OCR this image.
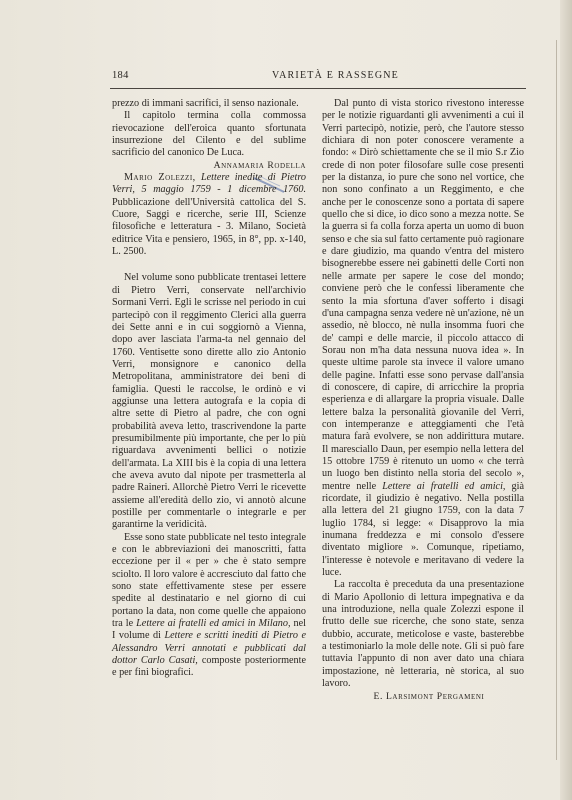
184	VARIETÀ E RASSEGNE

prezzo di immani sacrifici, il senso nazionale.

Il capitolo termina colla commossa rievocazione dell'eroica quanto sfortunata insurrezione del Cilento e del sublime sacrificio del canonico De Luca.

Annamaria Rodella

Mario Zolezzi, Lettere inedite di Pietro Verri, 5 maggio 1759 - 1 dicembre 1760. Pubblicazione dell'Università cattolica del S. Cuore, Saggi e ricerche, serie III, Scienze filosofiche e letteratura - 3. Milano, Società editrice Vita e pensiero, 1965, in 8°, pp. x-140, L. 2500.

Nel volume sono pubblicate trentasei lettere di Pietro Verri, conservate nell'archivio Sormani Verri. Egli le scrisse nel periodo in cui partecipò con il reggimento Clerici alla guerra dei Sette anni e in cui soggiornò a Vienna, dopo aver lasciata l'arma-ta nel gennaio del 1760. Ventisette sono dirette allo zio Antonio Verri, monsignore e canonico della Metropolitana, amministratore dei beni di famiglia. Questi le raccolse, le ordinò e vi aggiunse una lettera autografa e la copia di altre sette di Pietro al padre, che con ogni probabilità aveva letto, trascrivendone la parte presumibilmente più importante, che per lo più riguardava avvenimenti bellici o notizie dell'armata. La XIII bis è la copia di una lettera che aveva avuto dal nipote per trasmetterla al padre Raineri. Allorchè Pietro Verri le ricevette assieme all'eredità dello zio, vi annotò alcune postille per commentarle o integrarle e per garantirne la veridicità.

Esse sono state pubblicate nel testo integrale e con le abbreviazioni dei manoscritti, fatta eccezione per il « per » che è stato sempre sciolto. Il loro valore è accresciuto dal fatto che sono state effettivamente stese per essere spedite al destinatario e nel giorno di cui portano la data, non come quelle che appaiono tra le Lettere ai fratelli ed amici in Milano, nel I volume di Lettere e scritti inediti di Pietro e Alessandro Verri annotati e pubblicati dal dottor Carlo Casati, composte posteriormente e per fini biografici.

Dal punto di vista storico rivestono interesse per le notizie riguardanti gli avvenimenti a cui il Verri partecipò, notizie, però, che l'autore stesso dichiara di non poter conoscere veramente a fondo: « Dirò schiettamente che se il mio S.r Zio crede di non poter filosofare sulle cose presenti per la distanza, io pure che sono nel vortice, che non sono confinato a un Reggimento, e che anche per le conoscenze sono a portata di sapere quello che si dice, io dico sono a mezza notte. Se la guerra si fa colla forza aperta un uomo di buon senso e che sia sul fatto certamente può ragionare e dare giudizio, ma quando v'entra del mistero bisognerebbe essere nei gabinetti delle Corti non nelle armate per sapere le cose del mondo; conviene però che le confessi liberamente che sento la mia sfortuna d'aver sofferto i disagi d'una campagna senza vedere nè un'azione, nè un assedio, nè blocco, nè nulla insomma fuori che de' campi e delle marcie, il piccolo attacco di Sorau non m'ha data nessuna nuova idea ». In queste ultime parole sta invece il valore umano delle pagine. Infatti esse sono pervase dall'ansia di conoscere, di capire, di arricchire la propria esperienza e di allargare la propria visuale. Dalle lettere balza la personalità giovanile del Verri, con intemperanze e atteggiamenti che l'età matura farà evolvere, se non addirittura mutare. Il maresciallo Daun, per esempio nella lettera del 15 ottobre 1759 è ritenuto un uomo « che terrà un luogo ben distinto nella storia del secolo », mentre nelle Lettere ai fratelli ed amici, già ricordate, il giudizio è negativo. Nella postilla alla lettera del 21 giugno 1759, con la data 7 luglio 1784, si legge: « Disapprovo la mia inumana freddezza e mi consolo d'essere diventato migliore ». Comunque, ripetiamo, l'interesse è notevole e meritavano di vedere la luce.

La raccolta è preceduta da una presentazione di Mario Apollonio di lettura impegnativa e da una introduzione, nella quale Zolezzi espone il frutto delle sue ricerche, che sono state, senza dubbio, accurate, meticolose e vaste, basterebbe a testimoniarlo la mole delle note. Gli si può fare tuttavia l'appunto di non aver dato una chiara impostazione, nè letteraria, nè storica, al suo lavoro.

E. Larsimont Pergameni
